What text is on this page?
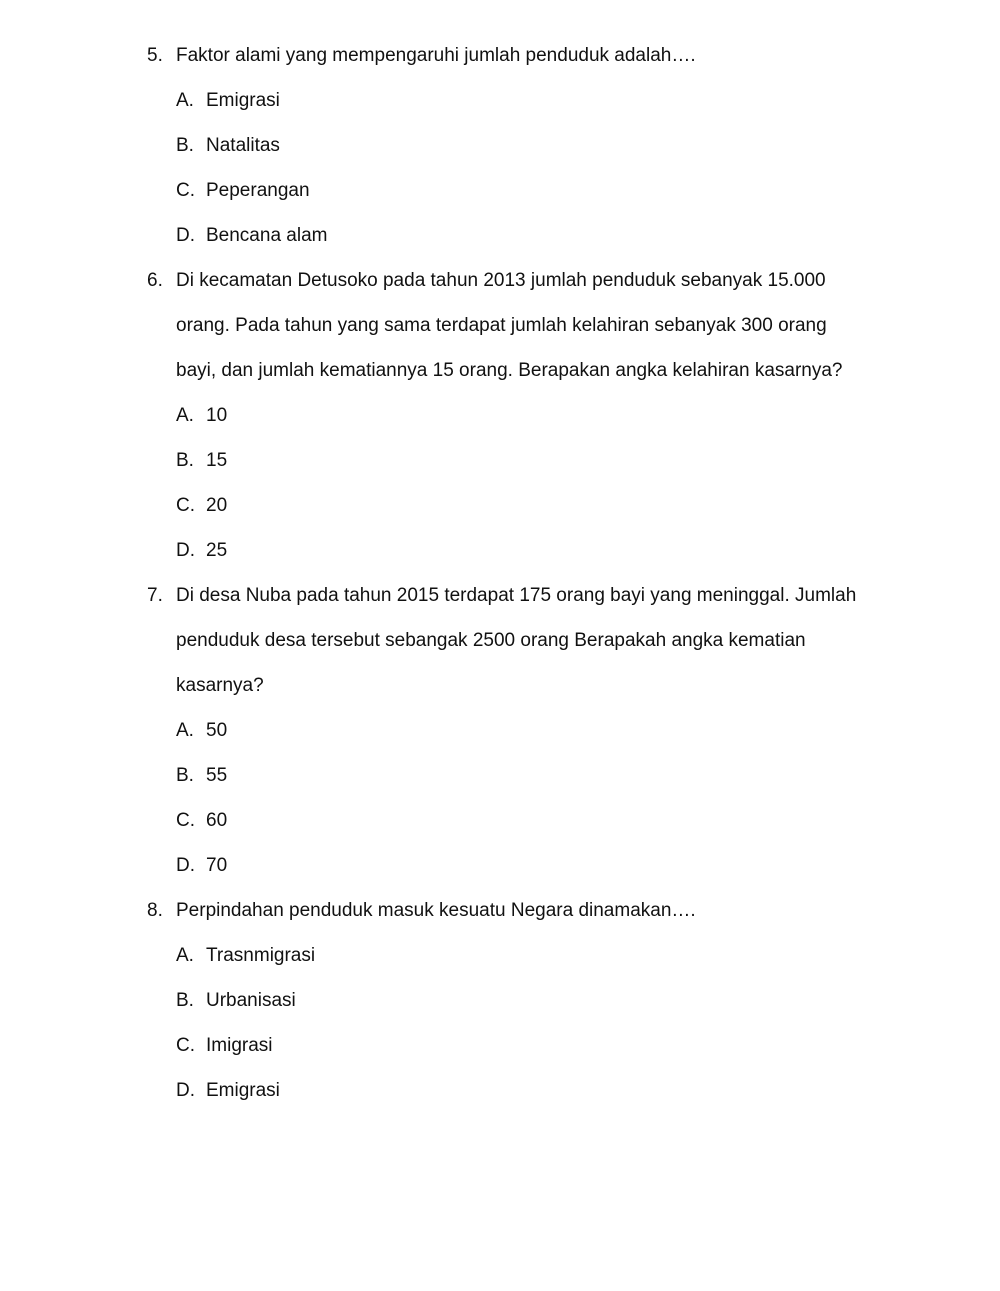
5. Faktor alami yang mempengaruhi jumlah penduduk adalah….
A. Emigrasi
B. Natalitas
C. Peperangan
D. Bencana alam
6. Di kecamatan Detusoko pada tahun 2013 jumlah penduduk sebanyak 15.000
orang. Pada tahun yang sama terdapat jumlah kelahiran sebanyak 300 orang
bayi, dan jumlah kematiannya 15 orang. Berapakan angka kelahiran kasarnya?
A. 10
B. 15
C. 20
D. 25
7. Di desa Nuba pada tahun 2015 terdapat 175 orang bayi yang meninggal. Jumlah
penduduk desa tersebut sebangak 2500 orang Berapakah angka kematian
kasarnya?
A. 50
B. 55
C. 60
D. 70
8. Perpindahan penduduk masuk kesuatu Negara dinamakan….
A. Trasnmigrasi
B. Urbanisasi
C. Imigrasi
D. Emigrasi
